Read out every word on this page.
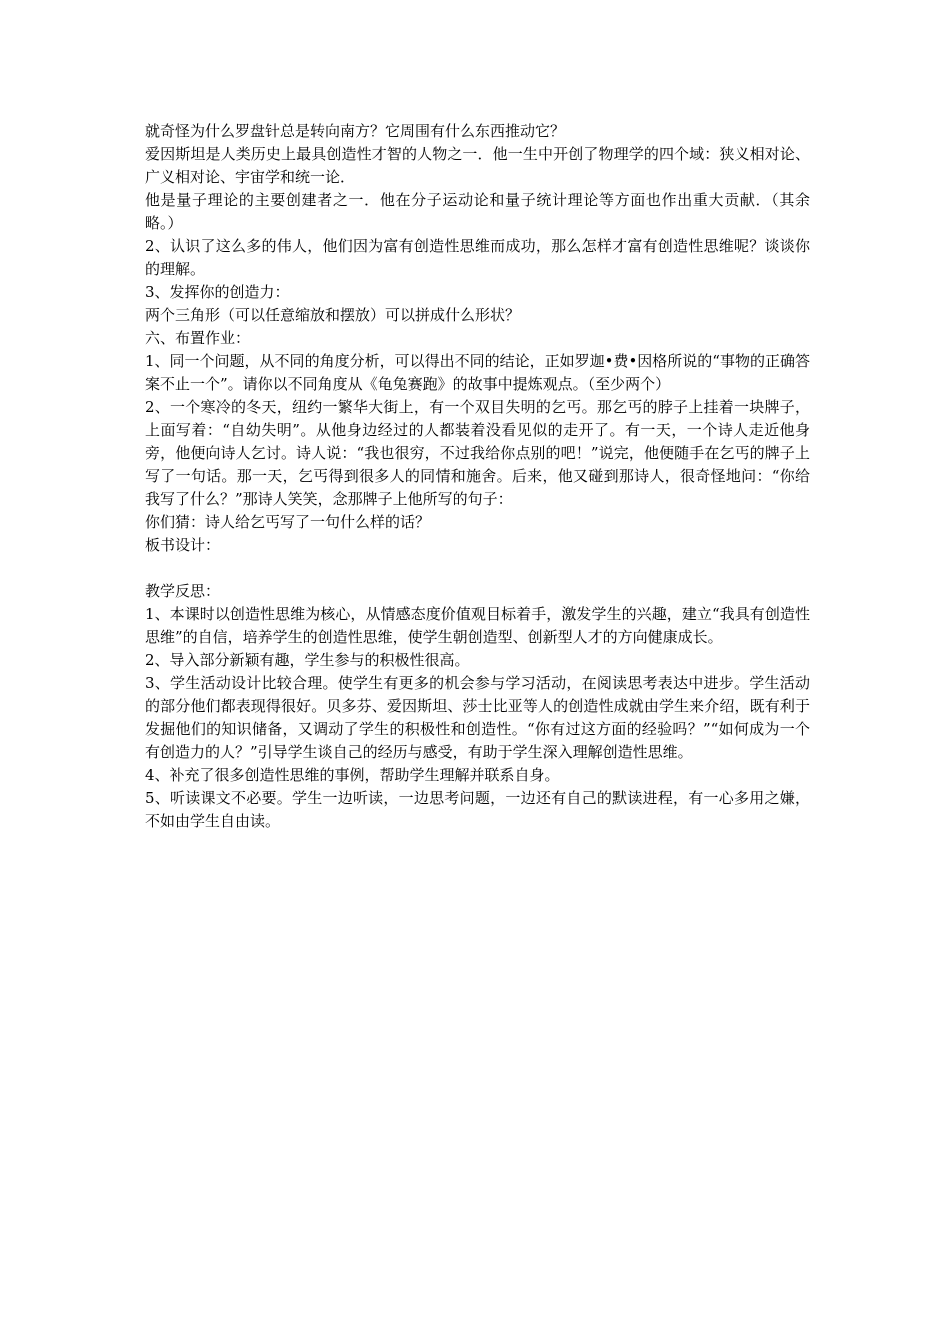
就奇怪为什么罗盘针总是转向南方？它周围有什么东西推动它？

爱因斯坦是人类历史上最具创造性才智的人物之一．他一生中开创了物理学的四个域：狭义相对论、广义相对论、宇宙学和统一论．

他是量子理论的主要创建者之一．他在分子运动论和量子统计理论等方面也作出重大贡献．（其余略。）

2、认识了这么多的伟人，他们因为富有创造性思维而成功，那么怎样才富有创造性思维呢？谈谈你的理解。

3、发挥你的创造力：

两个三角形（可以任意缩放和摆放）可以拼成什么形状？

六、布置作业：

1、同一个问题，从不同的角度分析，可以得出不同的结论，正如罗迦•费•因格所说的“事物的正确答案不止一个”。请你以不同角度从《龟兔赛跑》的故事中提炼观点。（至少两个）

2、一个寒冷的冬天，纽约一繁华大街上，有一个双目失明的乞丐。那乞丐的脖子上挂着一块牌子，上面写着：“自幼失明”。从他身边经过的人都装着没看见似的走开了。有一天，一个诗人走近他身旁，他便向诗人乞讨。诗人说：“我也很穷，不过我给你点别的吧！”说完，他便随手在乞丐的牌子上写了一句话。那一天，乞丐得到很多人的同情和施舍。后来，他又碰到那诗人，很奇怪地问：“你给我写了什么？”那诗人笑笑，念那牌子上他所写的句子：

你们猜：诗人给乞丐写了一句什么样的话？

板书设计：

教学反思：

1、本课时以创造性思维为核心，从情感态度价值观目标着手，激发学生的兴趣，建立“我具有创造性思维”的自信，培养学生的创造性思维，使学生朝创造型、创新型人才的方向健康成长。

2、导入部分新颖有趣，学生参与的积极性很高。

3、学生活动设计比较合理。使学生有更多的机会参与学习活动，在阅读思考表达中进步。学生活动的部分他们都表现得很好。贝多芬、爱因斯坦、莎士比亚等人的创造性成就由学生来介绍，既有利于发掘他们的知识储备，又调动了学生的积极性和创造性。“你有过这方面的经验吗？”“如何成为一个有创造力的人？”引导学生谈自己的经历与感受，有助于学生深入理解创造性思维。

4、补充了很多创造性思维的事例，帮助学生理解并联系自身。

5、听读课文不必要。学生一边听读，一边思考问题，一边还有自己的默读进程，有一心多用之嫌，不如由学生自由读。
